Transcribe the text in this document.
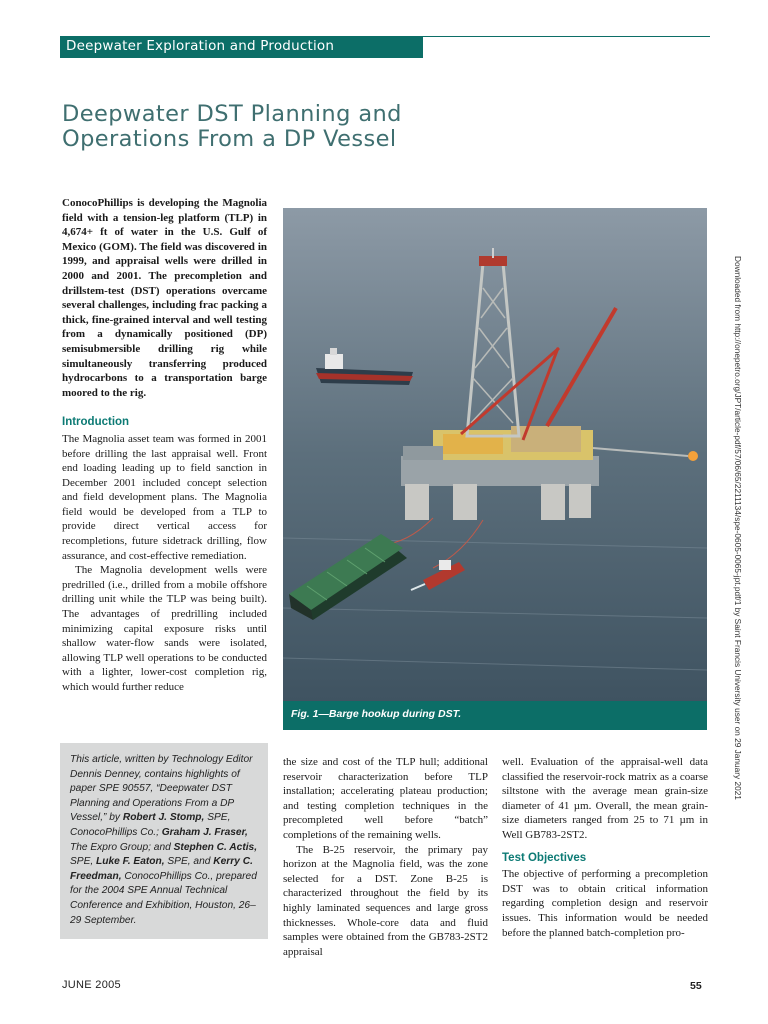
Deepwater Exploration and Production
Deepwater DST Planning and
Operations From a DP Vessel

ConocoPhillips is developing the Magnolia field with a tension-leg platform (TLP) in 4,674+ ft of water in the U.S. Gulf of Mexico (GOM). The field was discovered in 1999, and appraisal wells were drilled in 2000 and 2001. The precompletion and drillstem-test (DST) operations overcame several challenges, including frac packing a thick, fine-grained interval and well testing from a dynamically positioned (DP) semisubmersible drilling rig while simultaneously transferring produced hydrocarbons to a transportation barge moored to the rig.

Introduction

The Magnolia asset team was formed in 2001 before drilling the last appraisal well. Front end loading leading up to field sanction in December 2001 included concept selection and field development plans. The Magnolia field would be developed from a TLP to provide direct vertical access for recompletions, future sidetrack drilling, flow assurance, and cost-effective remediation.

The Magnolia development wells were predrilled (i.e., drilled from a mobile offshore drilling unit while the TLP was being built). The advantages of predrilling included minimizing capital exposure risks until shallow water-flow sands were isolated, allowing TLP well operations to be conducted with a lighter, lower-cost completion rig, which would further reduce

Fig. 1—Barge hookup during DST.
This article, written by Technology Editor Dennis Denney, contains highlights of paper SPE 90557, “Deepwater DST Planning and Operations From a DP Vessel,” by Robert J. Stomp, SPE, ConocoPhillips Co.; Graham J. Fraser, The Expro Group; and Stephen C. Actis, SPE, Luke F. Eaton, SPE, and Kerry C. Freedman, ConocoPhillips Co., prepared for the 2004 SPE Annual Technical Conference and Exhibition, Houston, 26–29 September.

the size and cost of the TLP hull; additional reservoir characterization before TLP installation; accelerating plateau production; and testing completion techniques in the precompleted well before “batch” completions of the remaining wells.

The B-25 reservoir, the primary pay horizon at the Magnolia field, was the zone selected for a DST. Zone B-25 is characterized throughout the field by its highly laminated sequences and large gross thicknesses. Whole-core data and fluid samples were obtained from the GB783-2ST2 appraisal

well. Evaluation of the appraisal-well data classified the reservoir-rock matrix as a coarse siltstone with the average mean grain-size diameter of 41 µm. Overall, the mean grain-size diameters ranged from 25 to 71 µm in Well GB783-2ST2.

Test Objectives

The objective of performing a precompletion DST was to obtain critical information regarding completion design and reservoir issues. This information would be needed before the planned batch-completion pro-

Downloaded from http://onepetro.org/JPT/article-pdf/57/06/65/2211134/spe-0605-0065-jpt.pdf/1 by Saint Francis University user on 29 January 2021
JUNE 2005	55
